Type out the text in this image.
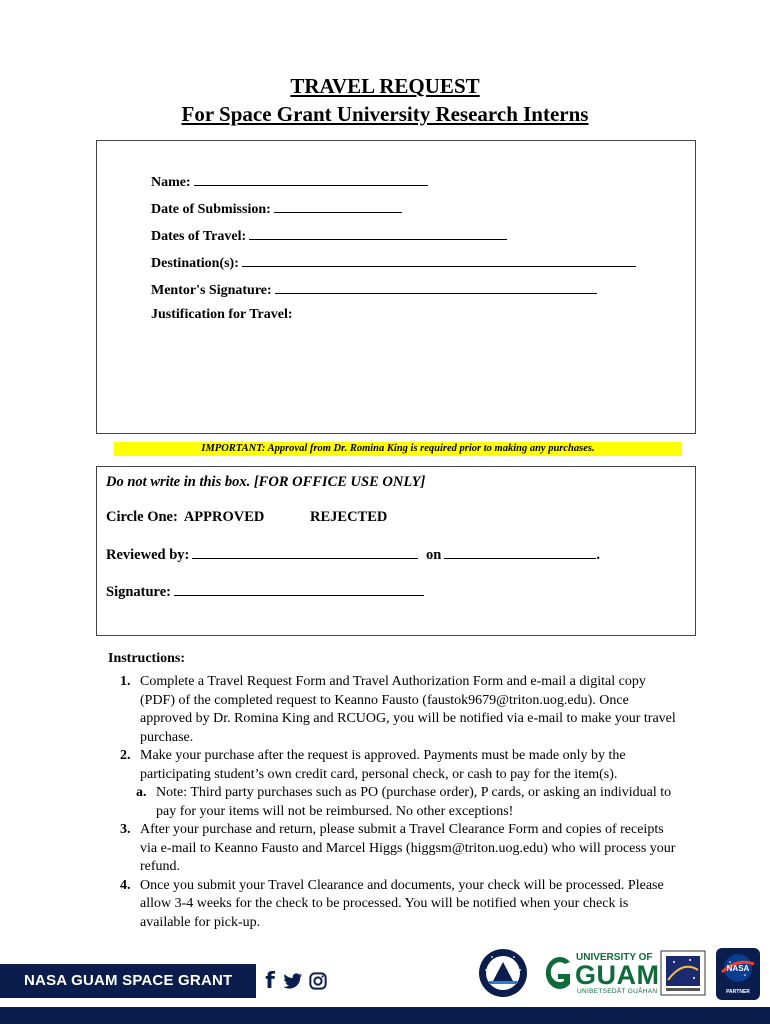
TRAVEL REQUEST
For Space Grant University Research Interns
Name:
Date of Submission:
Dates of Travel:
Destination(s):
Mentor's Signature:
Justification for Travel:
IMPORTANT: Approval from Dr. Romina King is required prior to making any purchases.
Do not write in this box. [FOR OFFICE USE ONLY]
Circle One: APPROVED	REJECTED
Reviewed by:	on	.
Signature:
Instructions:
1. Complete a Travel Request Form and Travel Authorization Form and e-mail a digital copy (PDF) of the completed request to Keanno Fausto (faustok9679@triton.uog.edu). Once approved by Dr. Romina King and RCUOG, you will be notified via e-mail to make your travel purchase.
2. Make your purchase after the request is approved. Payments must be made only by the participating student’s own credit card, personal check, or cash to pay for the item(s).
a. Note: Third party purchases such as PO (purchase order), P cards, or asking an individual to pay for your items will not be reimbursed. No other exceptions!
3. After your purchase and return, please submit a Travel Clearance Form and copies of receipts via e-mail to Keanno Fausto and Marcel Higgs (higgsm@triton.uog.edu) who will process your refund.
4. Once you submit your Travel Clearance and documents, your check will be processed. Please allow 3-4 weeks for the check to be processed. You will be notified when your check is available for pick-up.
NASA GUAM SPACE GRANT	f
UNIVERSITY OF
GUAM
UNIBETSEDÅT GUÅHAN
NASA
PARTNER
